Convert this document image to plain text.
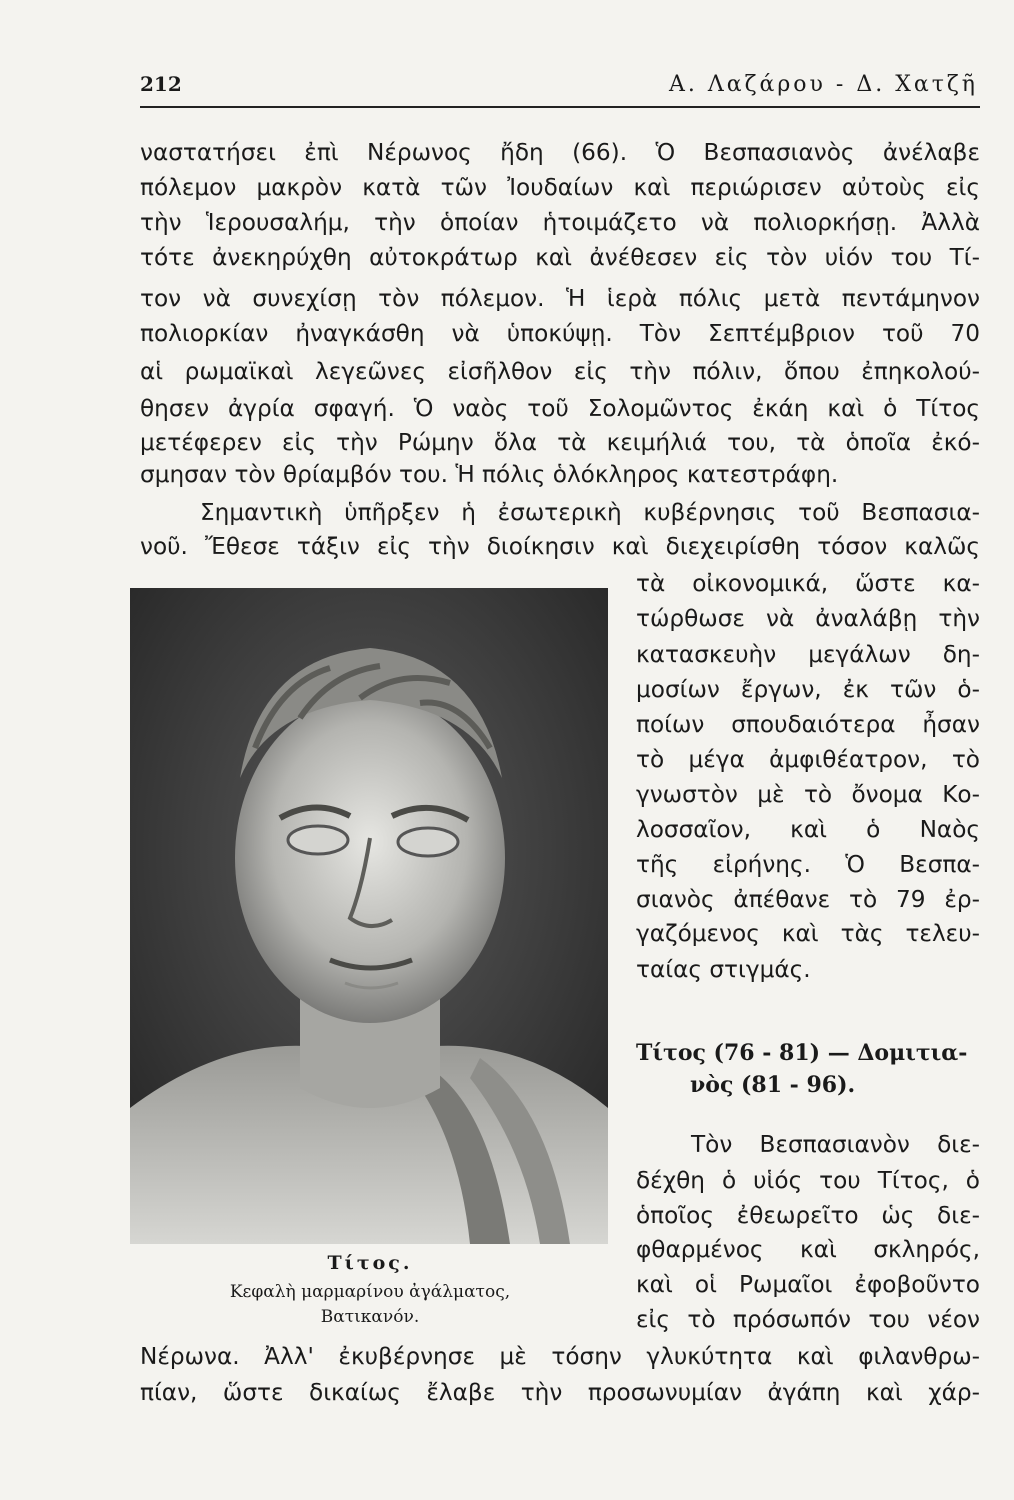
212	Α. Λαζάρου - Δ. Χατζῆ
ναστατήσει ἐπὶ Νέρωνος ἤδη (66). Ὁ Βεσπασιανὸς ἀνέλαβε
πόλεμον μακρὸν κατὰ τῶν Ἰουδαίων καὶ περιώρισεν αὐτοὺς εἰς
τὴν Ἱερουσαλήμ, τὴν ὁποίαν ἡτοιμάζετο νὰ πολιορκήσῃ. Ἀλλὰ
τότε ἀνεκηρύχθη αὐτοκράτωρ καὶ ἀνέθεσεν εἰς τὸν υἱόν του Τί-
τον νὰ συνεχίσῃ τὸν πόλεμον. Ἡ ἱερὰ πόλις μετὰ πεντάμηνον
πολιορκίαν ἠναγκάσθη νὰ ὑποκύψῃ. Τὸν Σεπτέμβριον τοῦ 70
αἱ ρωμαϊκαὶ λεγεῶνες εἰσῆλθον εἰς τὴν πόλιν, ὅπου ἐπηκολού-
θησεν ἀγρία σφαγή. Ὁ ναὸς τοῦ Σολομῶντος ἐκάη καὶ ὁ Τίτος
μετέφερεν εἰς τὴν Ρώμην ὅλα τὰ κειμήλιά του, τὰ ὁποῖα ἐκό-
σμησαν τὸν θρίαμβόν του. Ἡ πόλις ὁλόκληρος κατεστράφη.
Σημαντικὴ ὑπῆρξεν ἡ ἐσωτερικὴ κυβέρνησις τοῦ Βεσπασια-
νοῦ. Ἔθεσε τάξιν εἰς τὴν διοίκησιν καὶ διεχειρίσθη τόσον καλῶς
τὰ οἰκονομικά, ὥστε κα-
τώρθωσε νὰ ἀναλάβῃ τὴν
κατασκευὴν μεγάλων δη-
μοσίων ἔργων, ἐκ τῶν ὁ-
ποίων σπουδαιότερα ἦσαν
τὸ μέγα ἀμφιθέατρον, τὸ
γνωστὸν μὲ τὸ ὄνομα Κο-
λοσσαῖον, καὶ ὁ Ναὸς
τῆς εἰρήνης. Ὁ Βεσπα-
σιανὸς ἀπέθανε τὸ 79 ἐρ-
γαζόμενος καὶ τὰς τελευ-
ταίας στιγμάς.
Τίτος (76 - 81) — Δομιτια-
νὸς (81 - 96).
Τὸν Βεσπασιανὸν διε-
δέχθη ὁ υἱός του Τίτος, ὁ
ὁποῖος ἐθεωρεῖτο ὡς διε-
φθαρμένος καὶ σκληρός,
καὶ οἱ Ρωμαῖοι ἐφοβοῦντο
εἰς τὸ πρόσωπόν του νέον
Νέρωνα. Ἀλλ' ἐκυβέρνησε μὲ τόσην γλυκύτητα καὶ φιλανθρω-
πίαν, ὥστε δικαίως ἔλαβε τὴν προσωνυμίαν ἀγάπη καὶ χάρ-
Τίτος.
Κεφαλὴ μαρμαρίνου ἀγάλματος,
Βατικανόν.
